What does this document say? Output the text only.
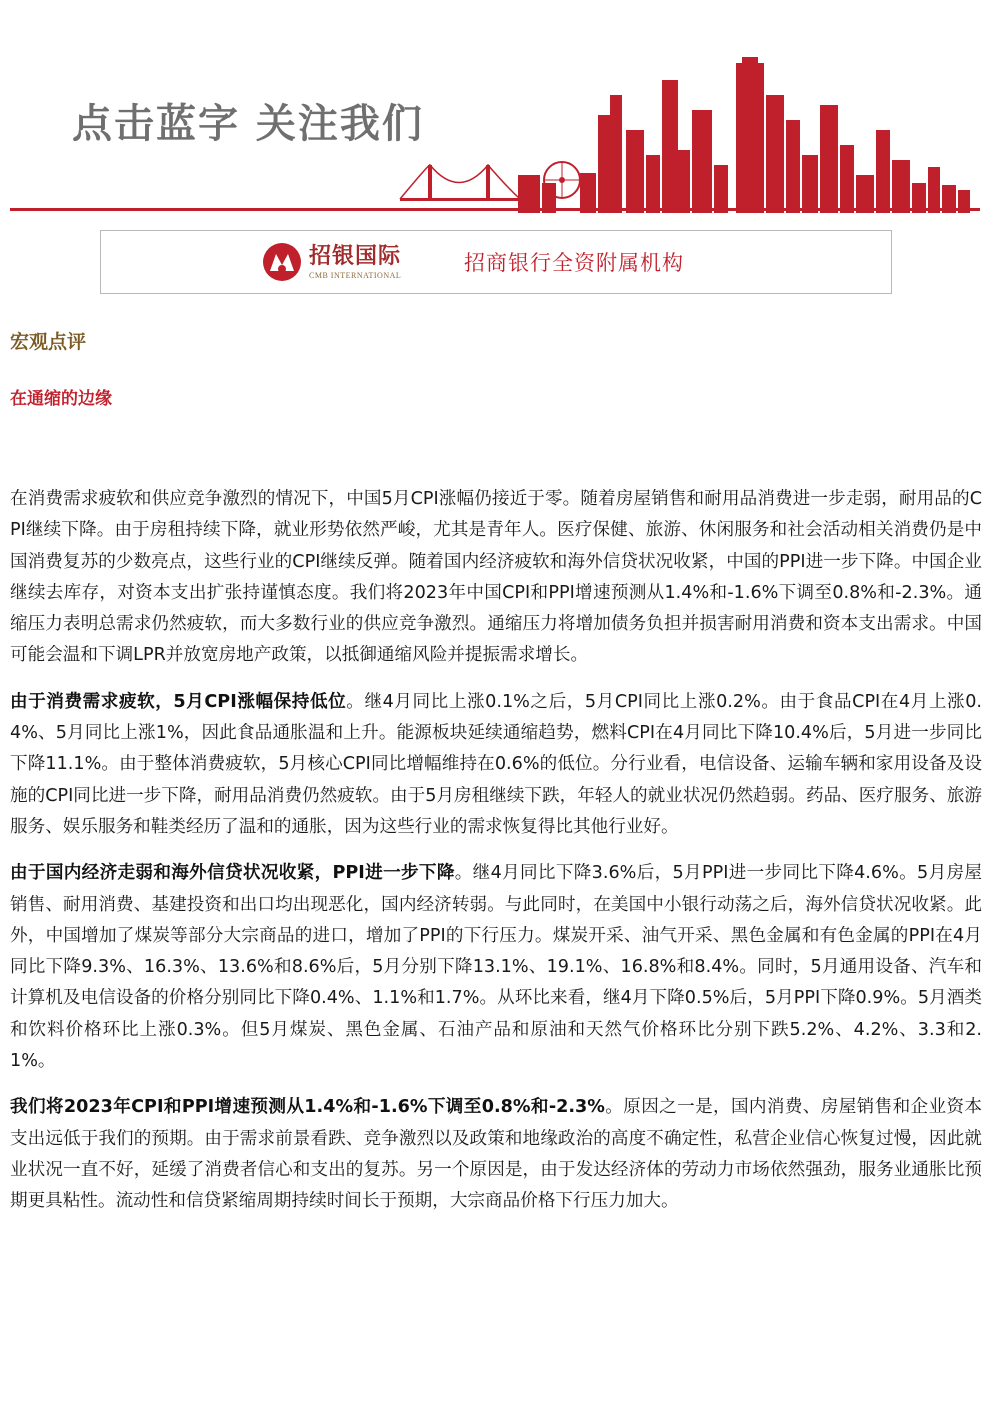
点击蓝字 关注我们
招银国际
CMB INTERNATIONAL
招商银行全资附属机构
宏观点评
在通缩的边缘

在消费需求疲软和供应竞争激烈的情况下，中国5月CPI涨幅仍接近于零。随着房屋销售和耐用品消费进一步走弱，耐用品的CPI继续下降。由于房租持续下降，就业形势依然严峻，尤其是青年人。医疗保健、旅游、休闲服务和社会活动相关消费仍是中国消费复苏的少数亮点，这些行业的CPI继续反弹。随着国内经济疲软和海外信贷状况收紧，中国的PPI进一步下降。中国企业继续去库存，对资本支出扩张持谨慎态度。我们将2023年中国CPI和PPI增速预测从1.4%和-1.6%下调至0.8%和-2.3%。通缩压力表明总需求仍然疲软，而大多数行业的供应竞争激烈。通缩压力将增加债务负担并损害耐用消费和资本支出需求。中国可能会温和下调LPR并放宽房地产政策，以抵御通缩风险并提振需求增长。

由于消费需求疲软，5月CPI涨幅保持低位。继4月同比上涨0.1%之后，5月CPI同比上涨0.2%。由于食品CPI在4月上涨0.4%、5月同比上涨1%，因此食品通胀温和上升。能源板块延续通缩趋势，燃料CPI在4月同比下降10.4%后，5月进一步同比下降11.1%。由于整体消费疲软，5月核心CPI同比增幅维持在0.6%的低位。分行业看，电信设备、运输车辆和家用设备及设施的CPI同比进一步下降，耐用品消费仍然疲软。由于5月房租继续下跌，年轻人的就业状况仍然趋弱。药品、医疗服务、旅游服务、娱乐服务和鞋类经历了温和的通胀，因为这些行业的需求恢复得比其他行业好。

由于国内经济走弱和海外信贷状况收紧，PPI进一步下降。继4月同比下降3.6%后，5月PPI进一步同比下降4.6%。5月房屋销售、耐用消费、基建投资和出口均出现恶化，国内经济转弱。与此同时，在美国中小银行动荡之后，海外信贷状况收紧。此外，中国增加了煤炭等部分大宗商品的进口，增加了PPI的下行压力。煤炭开采、油气开采、黑色金属和有色金属的PPI在4月同比下降9.3%、16.3%、13.6%和8.6%后，5月分别下降13.1%、19.1%、16.8%和8.4%。同时，5月通用设备、汽车和计算机及电信设备的价格分别同比下降0.4%、1.1%和1.7%。从环比来看，继4月下降0.5%后，5月PPI下降0.9%。5月酒类和饮料价格环比上涨0.3%。但5月煤炭、黑色金属、石油产品和原油和天然气价格环比分别下跌5.2%、4.2%、3.3和2.1%。

我们将2023年CPI和PPI增速预测从1.4%和-1.6%下调至0.8%和-2.3%。原因之一是，国内消费、房屋销售和企业资本支出远低于我们的预期。由于需求前景看跌、竞争激烈以及政策和地缘政治的高度不确定性，私营企业信心恢复过慢，因此就业状况一直不好，延缓了消费者信心和支出的复苏。另一个原因是，由于发达经济体的劳动力市场依然强劲，服务业通胀比预期更具粘性。流动性和信贷紧缩周期持续时间长于预期，大宗商品价格下行压力加大。
